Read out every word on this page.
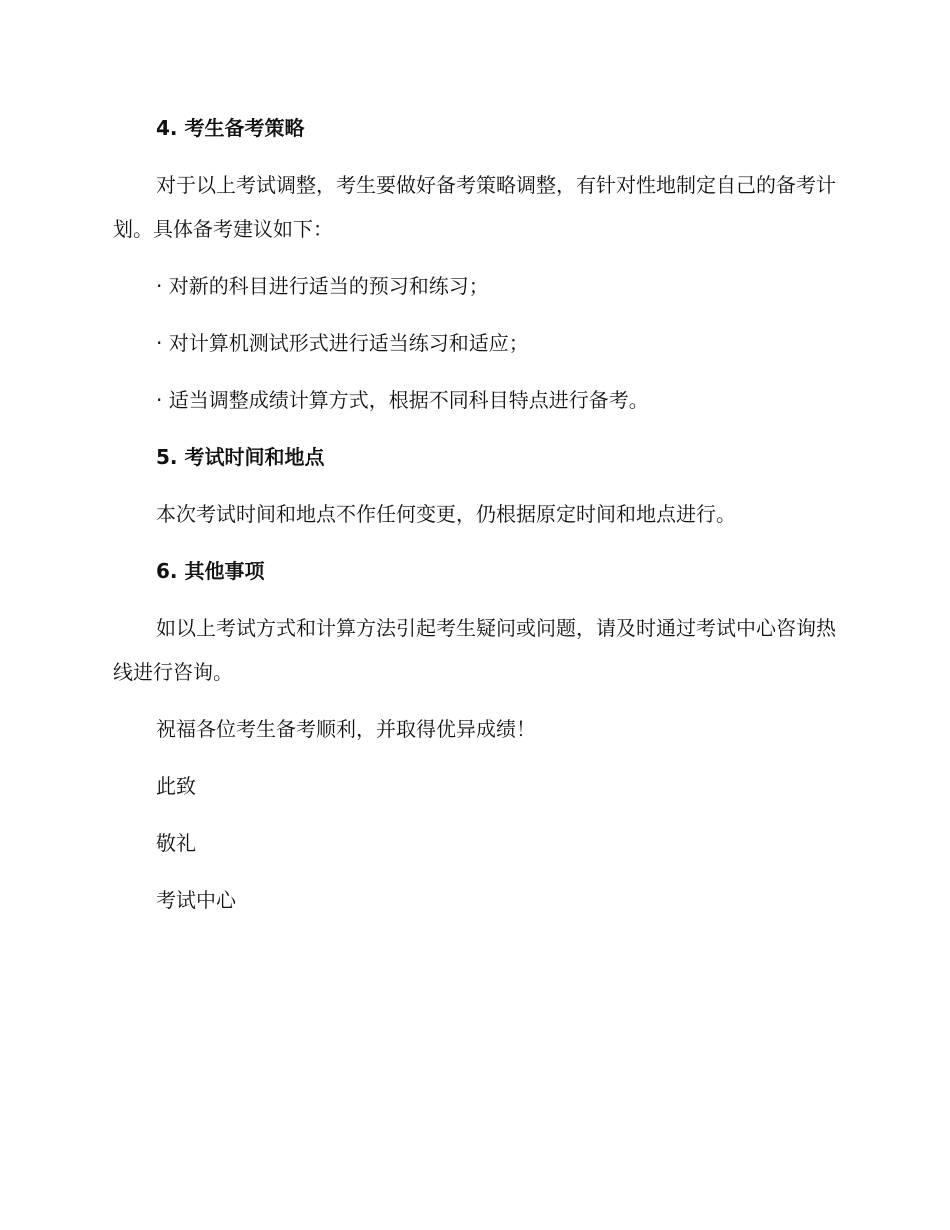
4. 考生备考策略
对于以上考试调整，考生要做好备考策略调整，有针对性地制定自己的备考计划。具体备考建议如下：
· 对新的科目进行适当的预习和练习；
· 对计算机测试形式进行适当练习和适应；
· 适当调整成绩计算方式，根据不同科目特点进行备考。
5. 考试时间和地点
本次考试时间和地点不作任何变更，仍根据原定时间和地点进行。
6. 其他事项
如以上考试方式和计算方法引起考生疑问或问题，请及时通过考试中心咨询热线进行咨询。
祝福各位考生备考顺利，并取得优异成绩！
此致
敬礼
考试中心
